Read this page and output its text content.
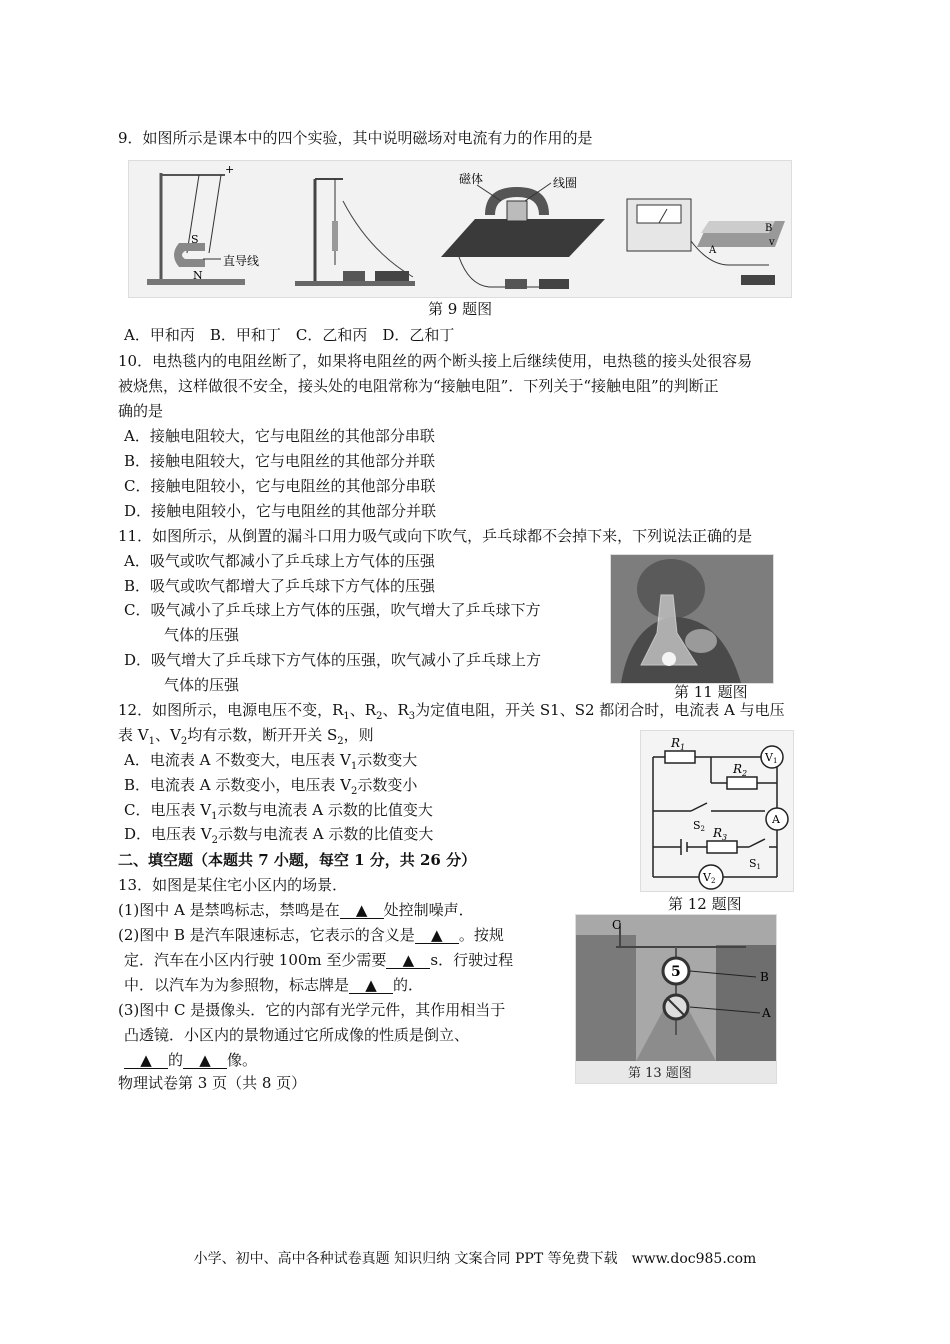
9．如图所示是课本中的四个实验，其中说明磁场对电流有力的作用的是
S
N
直导线
+
磁体	线圈
B
A
v
第 9 题图
A．甲和丙　B．甲和丁　C．乙和丙　D．乙和丁
10．电热毯内的电阻丝断了，如果将电阻丝的两个断头接上后继续使用，电热毯的接头处很容易
被烧焦，这样做很不安全，接头处的电阻常称为“接触电阻”．下列关于“接触电阻”的判断正
确的是
A．接触电阻较大，它与电阻丝的其他部分串联
B．接触电阻较大，它与电阻丝的其他部分并联
C．接触电阻较小，它与电阻丝的其他部分串联
D．接触电阻较小，它与电阻丝的其他部分并联
11．如图所示，从倒置的漏斗口用力吸气或向下吹气，乒乓球都不会掉下来，下列说法正确的是
A．吸气或吹气都减小了乒乓球上方气体的压强
B．吸气或吹气都增大了乒乓球下方气体的压强
C．吸气减小了乒乓球上方气体的压强，吹气增大了乒乓球下方
气体的压强
D．吸气增大了乒乓球下方气体的压强，吹气减小了乒乓球上方
气体的压强	第 11 题图
12．如图所示，电源电压不变，$R_1$、$R_2$、$R_3$为定值电阻，开关 S1、S2 都闭合时，电流表 A 与电压
表 $V_1$、$V_2$均有示数，断开开关 $S_2$，则
A．电流表 A 不数变大，电压表 $V_1$示数变大
B．电流表 A 示数变小，电压表 $V_2$示数变小
C．电压表 $V_1$示数与电流表 A 示数的比值变大
D．电压表 $V_2$示数与电流表 A 示数的比值变大
$R_1$
$R_2$
$R_3$
V1
A
V2
S2
S1
第 12 题图
二、填空题（本题共 7 小题，每空 1 分，共 26 分）
13．如图是某住宅小区内的场景．
(1)图中 A 是禁鸣标志，禁鸣是在 ▲ 处控制噪声．
(2)图中 B 是汽车限速标志，它表示的含义是 ▲ 。按规
定．汽车在小区内行驶 100m 至少需要 ▲ s．行驶过程
中．以汽车为为参照物，标志牌是 ▲ 的．
(3)图中 C 是摄像头．它的内部有光学元件，其作用相当于
凸透镜．小区内的景物通过它所成像的性质是倒立、
▲ 的 ▲ 像。
5
C
B
A
第 13 题图
物理试卷第 3 页（共 8 页）
小学、初中、高中各种试卷真题 知识归纳 文案合同 PPT 等免费下载　www.doc985.com
